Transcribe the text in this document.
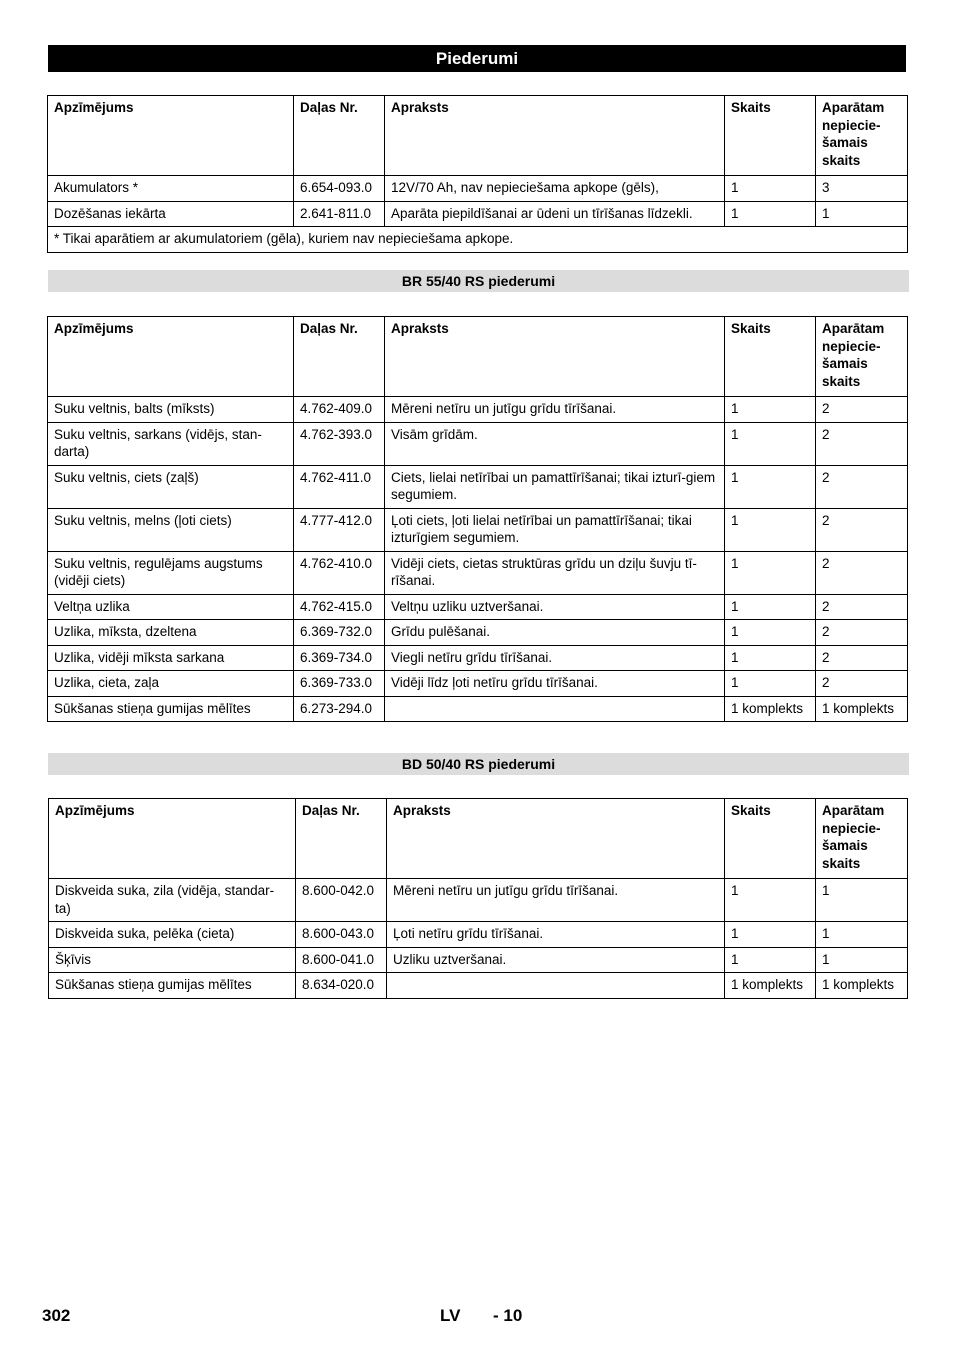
Piederumi
Apzīmējums	Daļas Nr.	Apraksts	Skaits	Aparātam nepiecie-šamais skaits
Akumulators *	6.654-093.0	12V/70 Ah, nav nepieciešama apkope (gēls),	1	3
Dozēšanas iekārta	2.641-811.0	Aparāta piepildīšanai ar ūdeni un tīrīšanas līdzekli.	1	1
* Tikai aparātiem ar akumulatoriem (gēla), kuriem nav nepieciešama apkope.				
BR 55/40 RS piederumi
Apzīmējums	Daļas Nr.	Apraksts	Skaits	Aparātam nepiecie-šamais skaits
Suku veltnis, balts (mīksts)	4.762-409.0	Mēreni netīru un jutīgu grīdu tīrīšanai.	1	2
Suku veltnis, sarkans (vidējs, stan-darta)	4.762-393.0	Visām grīdām.	1	2
Suku veltnis, ciets (zaļš)	4.762-411.0	Ciets, lielai netīrībai un pamattīrīšanai; tikai izturī-giem segumiem.	1	2
Suku veltnis, melns (ļoti ciets)	4.777-412.0	Ļoti ciets, ļoti lielai netīrībai un pamattīrīšanai; tikai izturīgiem segumiem.	1	2
Suku veltnis, regulējams augstums (vidēji ciets)	4.762-410.0	Vidēji ciets, cietas struktūras grīdu un dziļu šuvju tī-rīšanai.	1	2
Veltņa uzlika	4.762-415.0	Veltņu uzliku uztveršanai.	1	2
Uzlika, mīksta, dzeltena	6.369-732.0	Grīdu pulēšanai.	1	2
Uzlika, vidēji mīksta sarkana	6.369-734.0	Viegli netīru grīdu tīrīšanai.	1	2
Uzlika, cieta, zaļa	6.369-733.0	Vidēji līdz ļoti netīru grīdu tīrīšanai.	1	2
Sūkšanas stieņa gumijas mēlītes	6.273-294.0		1 komplekts	1 komplekts
BD 50/40 RS piederumi
Apzīmējums	Daļas Nr.	Apraksts	Skaits	Aparātam nepiecie-šamais skaits
Diskveida suka, zila (vidēja, standar-ta)	8.600-042.0	Mēreni netīru un jutīgu grīdu tīrīšanai.	1	1
Diskveida suka, pelēka (cieta)	8.600-043.0	Ļoti netīru grīdu tīrīšanai.	1	1
Šķīvis	8.600-041.0	Uzliku uztveršanai.	1	1
Sūkšanas stieņa gumijas mēlītes	8.634-020.0		1 komplekts	1 komplekts
302	LV - 10
